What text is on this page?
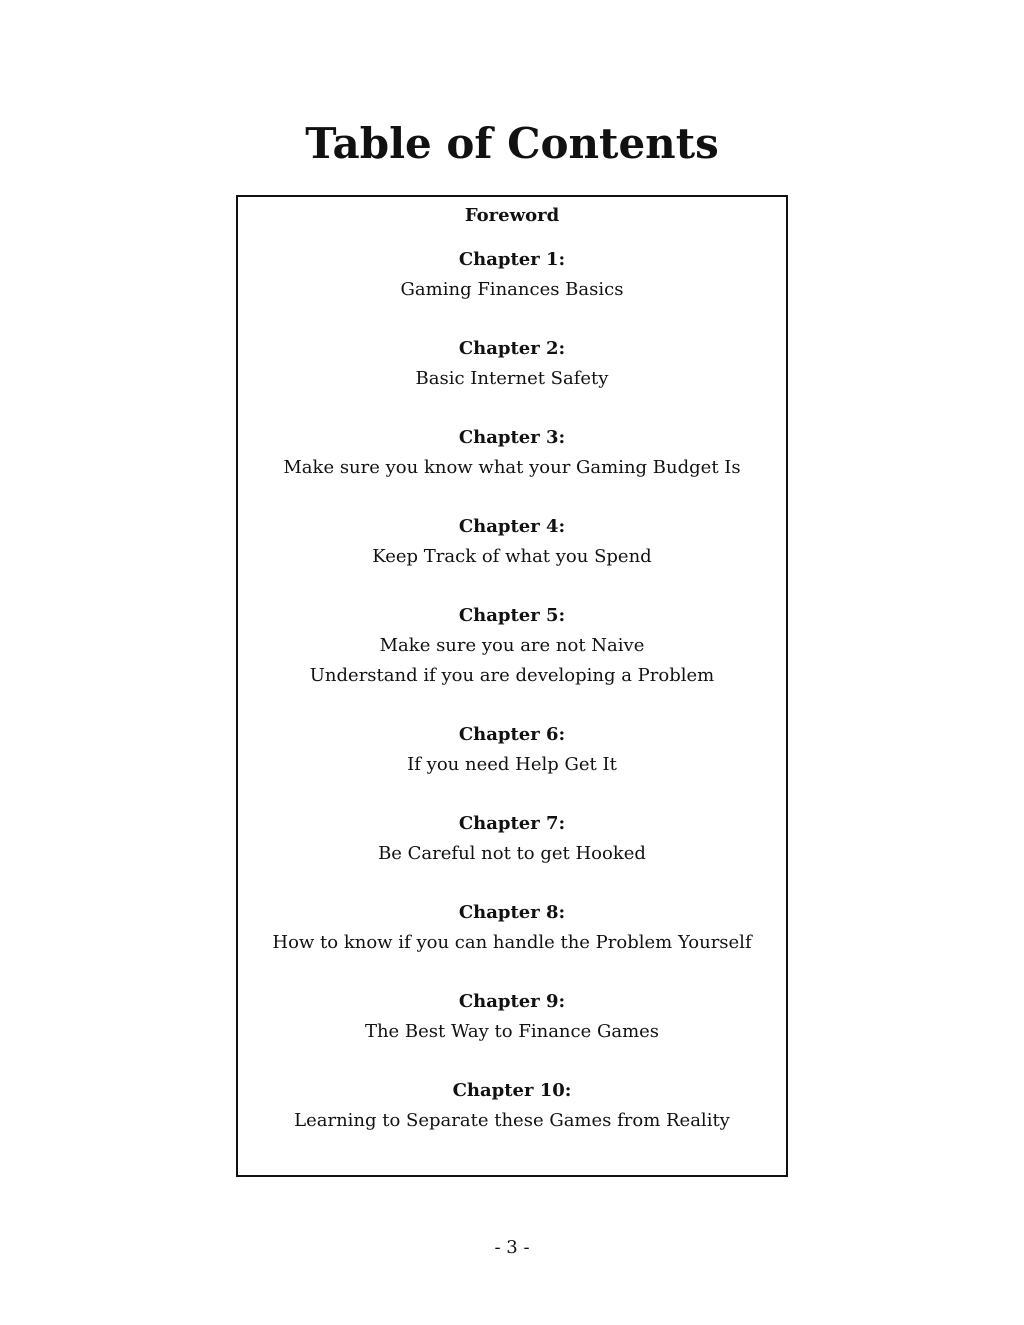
Table of Contents
Foreword
Chapter 1:
Gaming Finances Basics
Chapter 2:
Basic Internet Safety
Chapter 3:
Make sure you know what your Gaming Budget Is
Chapter 4:
Keep Track of what you Spend
Chapter 5:
Make sure you are not Naive
Understand if you are developing a Problem
Chapter 6:
If you need Help Get It
Chapter 7:
Be Careful not to get Hooked
Chapter 8:
How to know if you can handle the Problem Yourself
Chapter 9:
The Best Way to Finance Games
Chapter 10:
Learning to Separate these Games from Reality
- 3 -
